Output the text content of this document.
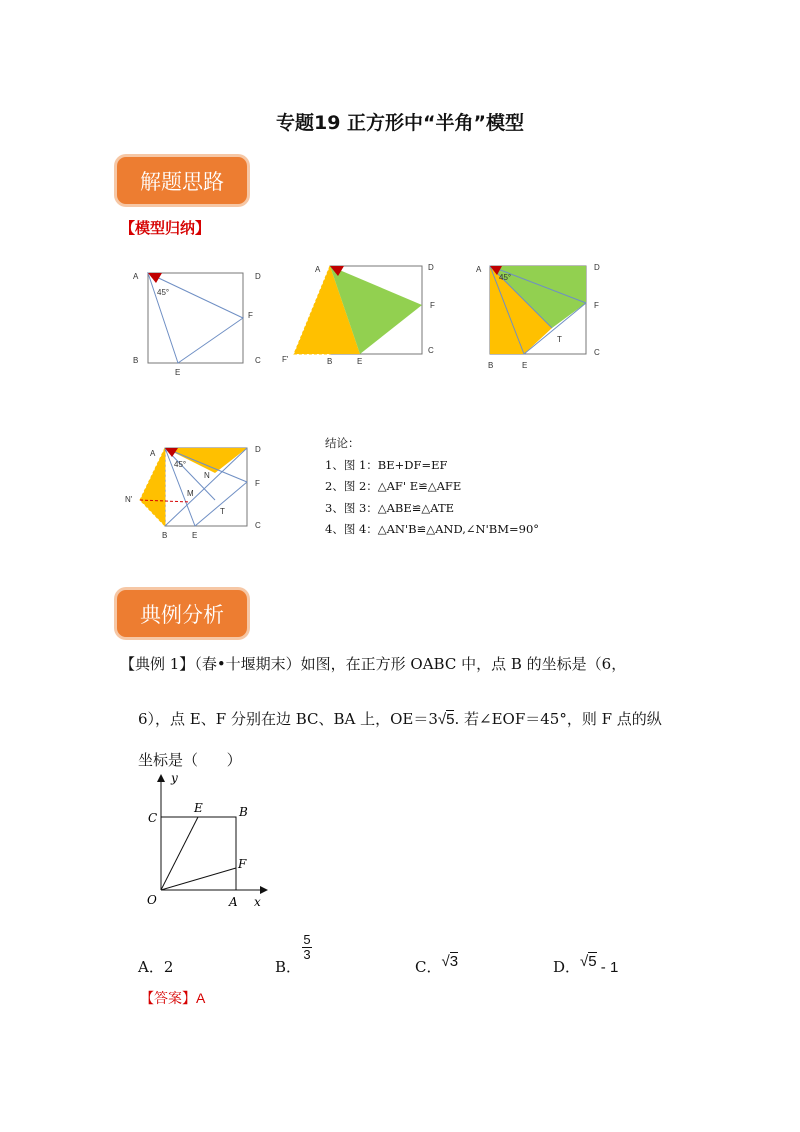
专题19 正方形中“半角”模型
解题思路
【模型归纳】
A	D
B	C
E
F
45°
A	D
C
F
F'	B	E
A	D
C
F
T
B	E
45°
A	D
C
F
T
N
N'
M
B	E
45°
结论：
1、图 1：BE+DF=EF
2、图 2：△AF' E≌△AFE
3、图 3：△ABE≌△ATE
4、图 4：△AN'B≌△AND,∠N'BM=90°
典例分析
【典例 1】（春•十堰期末）如图，在正方形 OABC 中，点 B 的坐标是（6，
6），点 E、F 分别在边 BC、BA 上，OE＝3√5. 若∠EOF＝45°，则 F 点的纵
坐标是（      ）
y
x
O	A
B
C
E
F
A．2	B．
$\frac{5}{3}$
C．√3	D．√5 - 1
【答案】A
